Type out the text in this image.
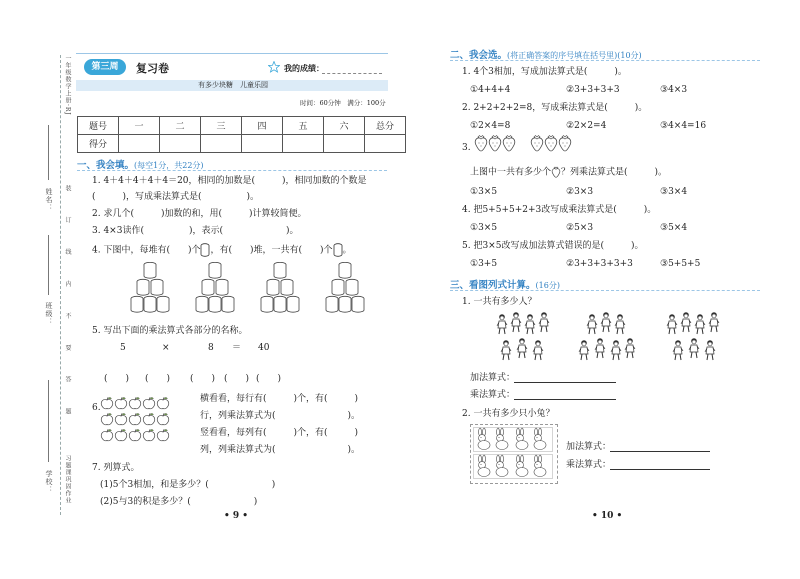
一年级数学上册·RJ
装 订 线 内 不 要 答 题
习题课巩固作业
姓名：
班级：
学校：
第三周	复习卷	我的成绩：
有多少块糖　儿童乐园
时间：60分钟　满分：100分
题号	一	二	三	四	五	六	总分
得分							
一、我会填。(每空1分，共22分)
1. 4＋4＋4＋4＋4＝20，相同的加数是(　　　)，相同加数的个数是
(　　　)，写成乘法算式是(　　　　　)。
2. 求几个(　　　)加数的和，用(　　　)计算较简便。
3. 4×3读作(　　　　　)，表示(　　　　　　　)。
4. 下图中，每堆有(　　)个 ，有(　　)堆，一共有(　　)个 。
5. 写出下面的乘法算式各部分的名称。
5	×	8 ＝ 40
(　　) (　　) (　　) (　　) (　　)
6.
横看看，每行有(　　　)个，有(　　　)
行，列乘法算式为(　　　　　　　　)。
竖看看，每列有(　　　)个，有(　　　)
列，列乘法算式为(　　　　　　　　)。
7. 列算式。
(1)5个3相加，和是多少？(　　　　　　　)
(2)5与3的积是多少？(　　　　　　　)
• 9 •
二、我会选。(将正确答案的序号填在括号里)(10分)
1. 4个3相加，写成加法算式是(　　　)。
①4+4+4	②3+3+3+3	③4×3
2. 2+2+2+2=8，写成乘法算式是(　　　)。
①2×4=8	②2×2=4	③4×4=16
3.
上图中一共有多少个 ？列乘法算式是(　　　)。
①3×5	②3×3	③3×4
4. 把5+5+5+2+3改写成乘法算式是(　　　)。
①3×5	②5×3	③5×4
5. 把3×5改写成加法算式错误的是(　　　)。
①3+5	②3+3+3+3+3	③5+5+5
三、看图列式计算。(16分)
1. 一共有多少人？
加法算式：
乘法算式：
2. 一共有多少只小兔？
加法算式：
乘法算式：
• 10 •
